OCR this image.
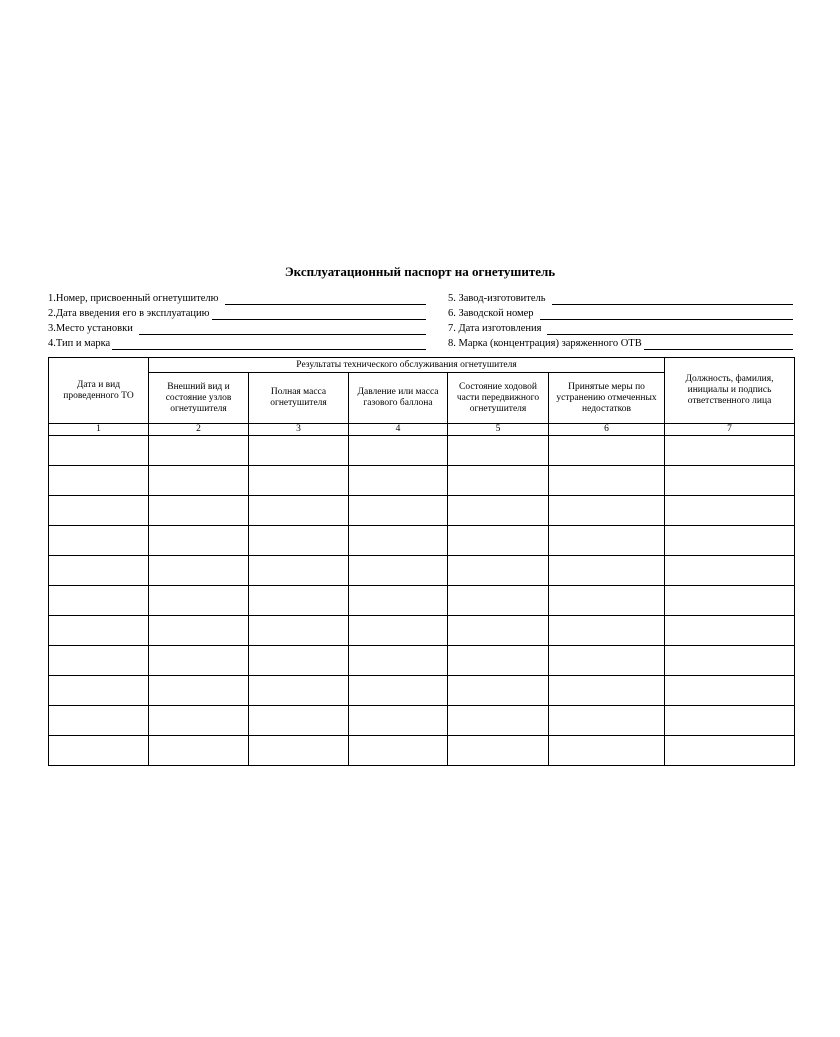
Эксплуатационный паспорт на огнетушитель
1.Номер, присвоенный огнетушителю	5. Завод-изготовитель
2.Дата введения его в эксплуатацию	6. Заводской номер
3.Место установки	7. Дата изготовления
4.Тип и марка	8. Марка (концентрация) заряженного ОТВ
Дата и вид проведенного ТО	Результаты технического обслуживания огнетушителя					Должность, фамилия, инициалы и подпись ответственного лица
	Внешний вид и состояние узлов огнетушителя	Полная масса огнетушителя	Давление или масса газового баллона	Состояние ходовой части передвижного огнетушителя	Принятые меры по устранению отмеченных недостатков	
1	2	3	4	5	6	7
